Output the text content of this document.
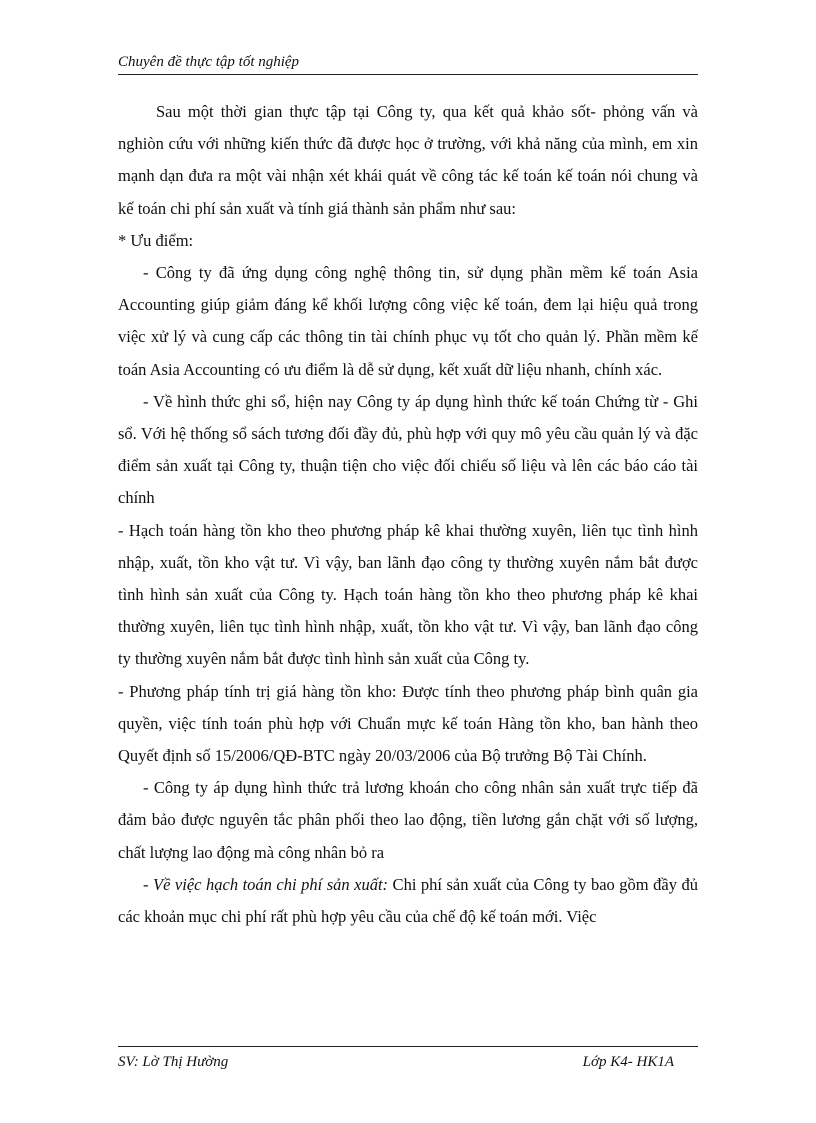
Chuyên đề thực tập tốt nghiệp

Sau một thời gian thực tập tại Công ty, qua kết quả khảo sốt- phỏng vấn và nghiòn cứu với những kiến thức đã được học ở trường, với khả năng của mình, em xin mạnh dạn đưa ra một vài nhận xét khái quát về công tác kế toán kế toán nói chung và kế toán chi phí sản xuất và tính giá thành sản phẩm như sau:

* Ưu điểm:

- Công ty đã ứng dụng công nghệ thông tin, sử dụng phần mềm kế toán Asia Accounting giúp giảm đáng kể khối lượng công việc kế toán, đem lại hiệu quả trong việc xử lý và cung cấp các thông tin tài chính phục vụ tốt cho quản lý. Phần mềm kế toán Asia Accounting có ưu điểm là dễ sử dụng, kết xuất dữ liệu nhanh, chính xác.

- Về hình thức ghi sổ, hiện nay Công ty áp dụng hình thức kế toán Chứng từ - Ghi sổ. Với hệ thống sổ sách tương đối đầy đủ, phù hợp với quy mô yêu cầu quản lý và đặc điểm sản xuất tại Công ty, thuận tiện cho việc đối chiếu số liệu và lên các báo cáo tài chính

- Hạch toán hàng tồn kho theo phương pháp kê khai thường xuyên, liên tục tình hình nhập, xuất, tồn kho vật tư. Vì vậy, ban lãnh đạo công ty thường xuyên nắm bắt được tình hình sản xuất của Công ty. Hạch toán hàng tồn kho theo phương pháp kê khai thường xuyên, liên tục tình hình nhập, xuất, tồn kho vật tư. Vì vậy, ban lãnh đạo công ty thường xuyên nắm bắt được tình hình sản xuất của Công ty.

- Phương pháp tính trị giá hàng tồn kho: Được tính theo phương pháp bình quân gia quyền, việc tính toán phù hợp với Chuẩn mực kế toán Hàng tồn kho, ban hành theo Quyết định số 15/2006/QĐ-BTC ngày 20/03/2006 của Bộ trưởng Bộ Tài Chính.

- Công ty áp dụng hình thức trả lương khoán cho công nhân sản xuất trực tiếp đã đảm bảo được nguyên tắc phân phối theo lao động, tiền lương gắn chặt với số lượng, chất lượng lao động mà công nhân bỏ ra

- Về việc hạch toán chi phí sản xuất: Chi phí sản xuất của Công ty bao gồm đầy đủ các khoản mục chi phí rất phù hợp yêu cầu của chế độ kế toán mới. Việc

SV: Lờ Thị Hường	Lớp K4- HK1A
